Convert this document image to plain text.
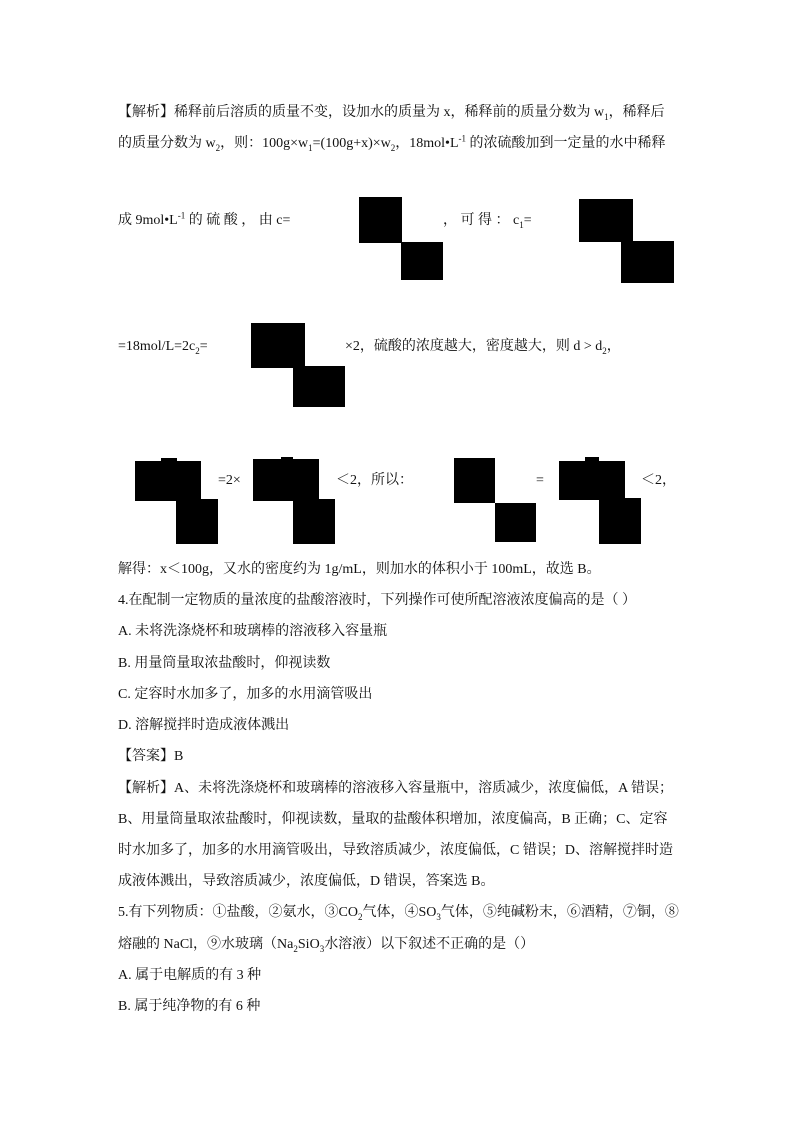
【解析】稀释前后溶质的质量不变，设加水的质量为 x，稀释前的质量分数为 $w_1$，稀释后
的质量分数为 $w_2$，则：$100g\times w_1=(100g+x)\times w_2$，$18mol•L^{-1}$ 的浓硫酸加到一定量的水中稀释
成 $9mol•L^{-1}$ 的 硫 酸 ， 由 c=	， 可 得 ： $c_1=$
$=18mol/L=2c_2=$	×2，硫酸的浓度越大，密度越大，则 $d > d_2$，
=2×	＜2，所以：	=	＜2，
解得：x＜100g，又水的密度约为 1g/mL，则加水的体积小于 100mL，故选 B。
4.在配制一定物质的量浓度的盐酸溶液时，下列操作可使所配溶液浓度偏高的是（ ）
A. 未将洗涤烧杯和玻璃棒的溶液移入容量瓶
B. 用量筒量取浓盐酸时，仰视读数
C. 定容时水加多了，加多的水用滴管吸出
D. 溶解搅拌时造成液体溅出
【答案】B
【解析】A、未将洗涤烧杯和玻璃棒的溶液移入容量瓶中，溶质减少，浓度偏低，A 错误；
B、用量筒量取浓盐酸时，仰视读数，量取的盐酸体积增加，浓度偏高，B 正确；C、定容
时水加多了，加多的水用滴管吸出，导致溶质减少，浓度偏低，C 错误；D、溶解搅拌时造
成液体溅出，导致溶质减少，浓度偏低，D 错误，答案选 B。
5.有下列物质：①盐酸，②氨水，$③CO_2$气体，$④SO_3$气体，⑤纯碱粉末，⑥酒精，⑦铜，⑧
熔融的 NaCl，⑨水玻璃（$Na_2SiO_3$水溶液）以下叙述不正确的是（）
A. 属于电解质的有 3 种
B. 属于纯净物的有 6 种
